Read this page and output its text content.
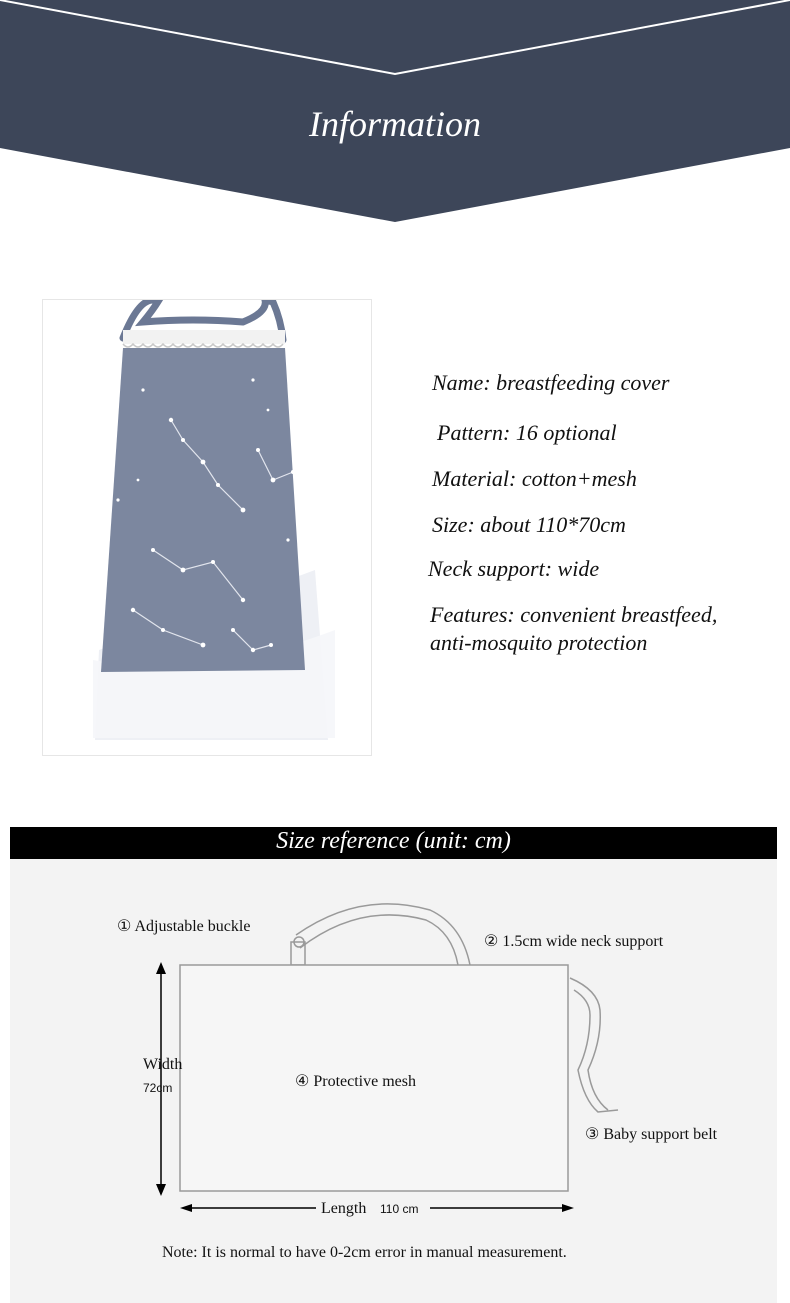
Information
Name: breastfeeding cover
Pattern: 16 optional
Material: cotton+mesh
Size: about 110*70cm
Neck support: wide
Features: convenient breastfeed,
anti-mosquito protection
Size reference (unit: cm)
① Adjustable buckle
② 1.5cm wide neck support
③ Baby support belt
④ Protective mesh
Width
72cm
Length 110 cm
Note: It is normal to have 0-2cm error in manual measurement.
